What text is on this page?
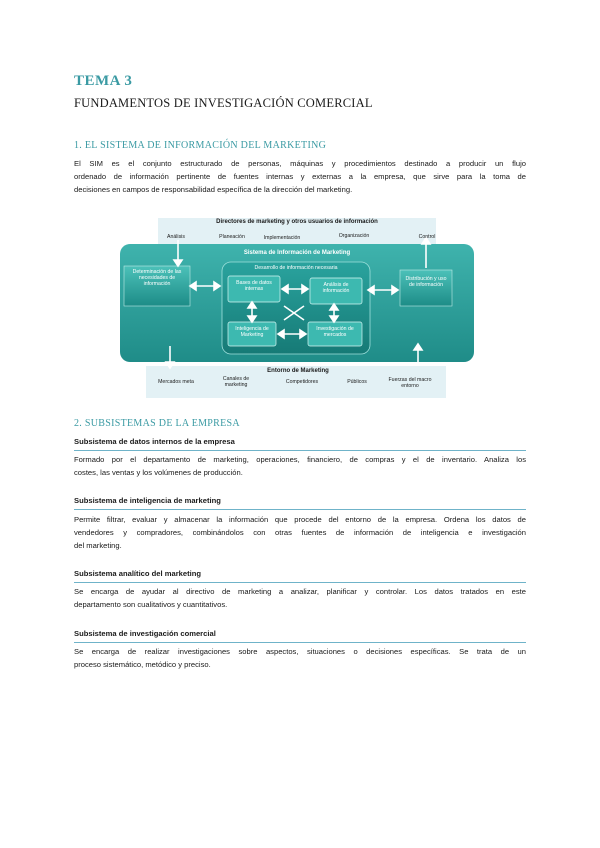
TEMA 3
FUNDAMENTOS DE INVESTIGACIÓN COMERCIAL
1. EL SISTEMA DE INFORMACIÓN DEL MARKETING
El SIM es el conjunto estructurado de personas, máquinas y procedimientos destinado a producir un flujo
ordenado de información pertinente de fuentes internas y externas a la empresa, que sirve para la toma de
decisiones en campos de responsabilidad específica de la dirección del marketing.
Directores de marketing y otros usuarios de información
Análisis	Planeación	Implementación	Organización	Control
Sistema de Información de Marketing
Desarrollo de información necesaria
Determinación de las necesidades de información
Distribución y uso de información
Bases de datos internas
Análisis de información
Inteligencia de Marketing
Investigación de mercados
Entorno de Marketing
Mercados meta	Canales de marketing	Competidores	Públicos	Fuerzas del macro entorno
2. SUBSISTEMAS DE LA EMPRESA
Subsistema de datos internos de la empresa
Formado por el departamento de marketing, operaciones, financiero, de compras y el de inventario. Analiza los
costes, las ventas y los volúmenes de producción.
Subsistema de inteligencia de marketing
Permite filtrar, evaluar y almacenar la información que procede del entorno de la empresa. Ordena los datos de
vendedores y compradores, combinándolos con otras fuentes de información de inteligencia e investigación
del marketing.
Subsistema analítico del marketing
Se encarga de ayudar al directivo de marketing a analizar, planificar y controlar. Los datos tratados en este
departamento son cualitativos y cuantitativos.
Subsistema de investigación comercial
Se encarga de realizar investigaciones sobre aspectos, situaciones o decisiones específicas. Se trata de un
proceso sistemático, metódico y preciso.
